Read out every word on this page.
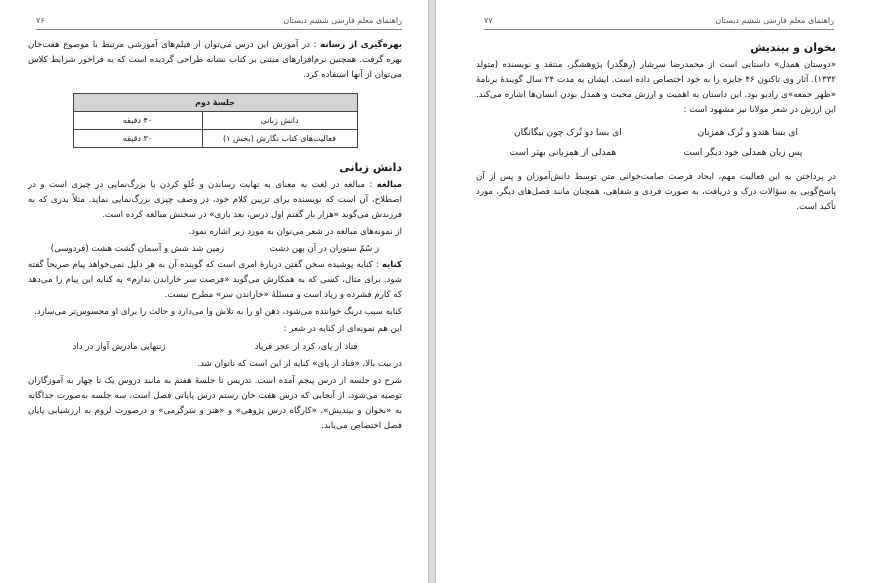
راهنمای معلم فارسی ششم دبستان
۷۶

بهره‌گیری از رسانه : در آموزش این درس می‌توان از فیلم‌های آموزشی مرتبط با موضوع هفت‌خان بهره گرفت. همچنین نرم‌افزارهای مبتنی بر کتاب نشانه طراحی گردیده است که به فراخور شرایط کلاس می‌توان از آنها استفاده کرد.

جلسهٔ دوم	
دانش زبانی	۴۰ دقیقه
فعالیت‌های کتاب نگارش (بخش ۱)	۳۰ دقیقه
دانش زبانی

مبالغه : مبالغه در لغت به معنای به نهایت رساندن و غُلو کردن یا بزرگ‌نمایی در چیزی است و در اصطلاح، آن است که نویسنده برای تزیین کلام خود، در وصف چیزی بزرگ‌نمایی نماید. مثلاً بدری که به فرزندش می‌گوید «هزار بار گفتم اول درس، بعد بازی» در سخنش مبالغه کرده است.

از نمونه‌های مبالغه در شعر می‌توان به مورد زیر اشاره نمود.

ز سُمّ ستوران در آن پهن دشت
زمین شد شش و آسمان گشت هشت (فردوسی)

کنایه : کنایه پوشیده سخن گفتن دربارهٔ امری است که گوینده آن به هر دلیل نمی‌خواهد پیام صریحاً گفته شود. برای مثال، کسی که به همکارش می‌گوید «فرصت سر خاراندن ندارم» به کنایه این پیام را می‌دهد که کارم فشرده و زیاد است و مسئلهٔ «خاراندن سر» مطرح نیست.

کنایه سبب درنگ خواننده می‌شود، ذهن او را به تلاش وا می‌دارد و حالت را برای او محسوس‌تر می‌سازد.

این هم نمونه‌ای از کنایه در شعر :

فتاد از پای، کرد از عجز فریاد
زتنهایی مادرش آواز در داد

در بیت بالا، «فتاد از پای» کنایه از این است که ناتوان شد.

شرح دو جلسه از درس پنجم آمده است. تدریس تا جلسهٔ هفتم به مانند دروس یک تا چهار به آموزگاران توصیه می‌شود، از آنجایی که درس هفت خان رستم درس پایانی فصل است، سه جلسه به‌صورت جداگانه به «بخوان و بیندیش»، «کارگاه درس پژوهی» و «هنر و سرگرمی» و درصورت لزوم به ارزشیابی پایان فصل اختصاص می‌یابد.

راهنمای معلم فارسی ششم دبستان
۷۷
بخوان و بیندیش

«دوستان همدل» داستانی است از محمدرضا سرشار (رهگذر) پژوهشگر، منتقد و نویسنده (متولد ۱۳۳۲). آثار وی تاکنون ۴۶ جایزه را به خود اختصاص داده است. ایشان به مدت ۲۴ سال گویندهٔ برنامهٔ «ظهر جمعه»ی رادیو بود. این داستان به اهمیت و ارزش محبت و همدل بودن انسان‌ها اشاره می‌کند. این ارزش در شعر مولانا نیز مشهود است :

ای بسا هندو و تُرک همزبان
ای بسا دو تُرک چون بیگانگان
پس زبان همدلی خود دیگر است
همدلی از همزبانی بهتر است

در پرداختن به این فعالیت مهم، ایجاد فرصت صامت‌خوانی متن توسط دانش‌آموزان و پس از آن پاسخ‌گویی به سؤالات درک و دریافت، به صورت فردی و شفاهی، همچنان مانند فصل‌های دیگر، مورد تأکید است.
